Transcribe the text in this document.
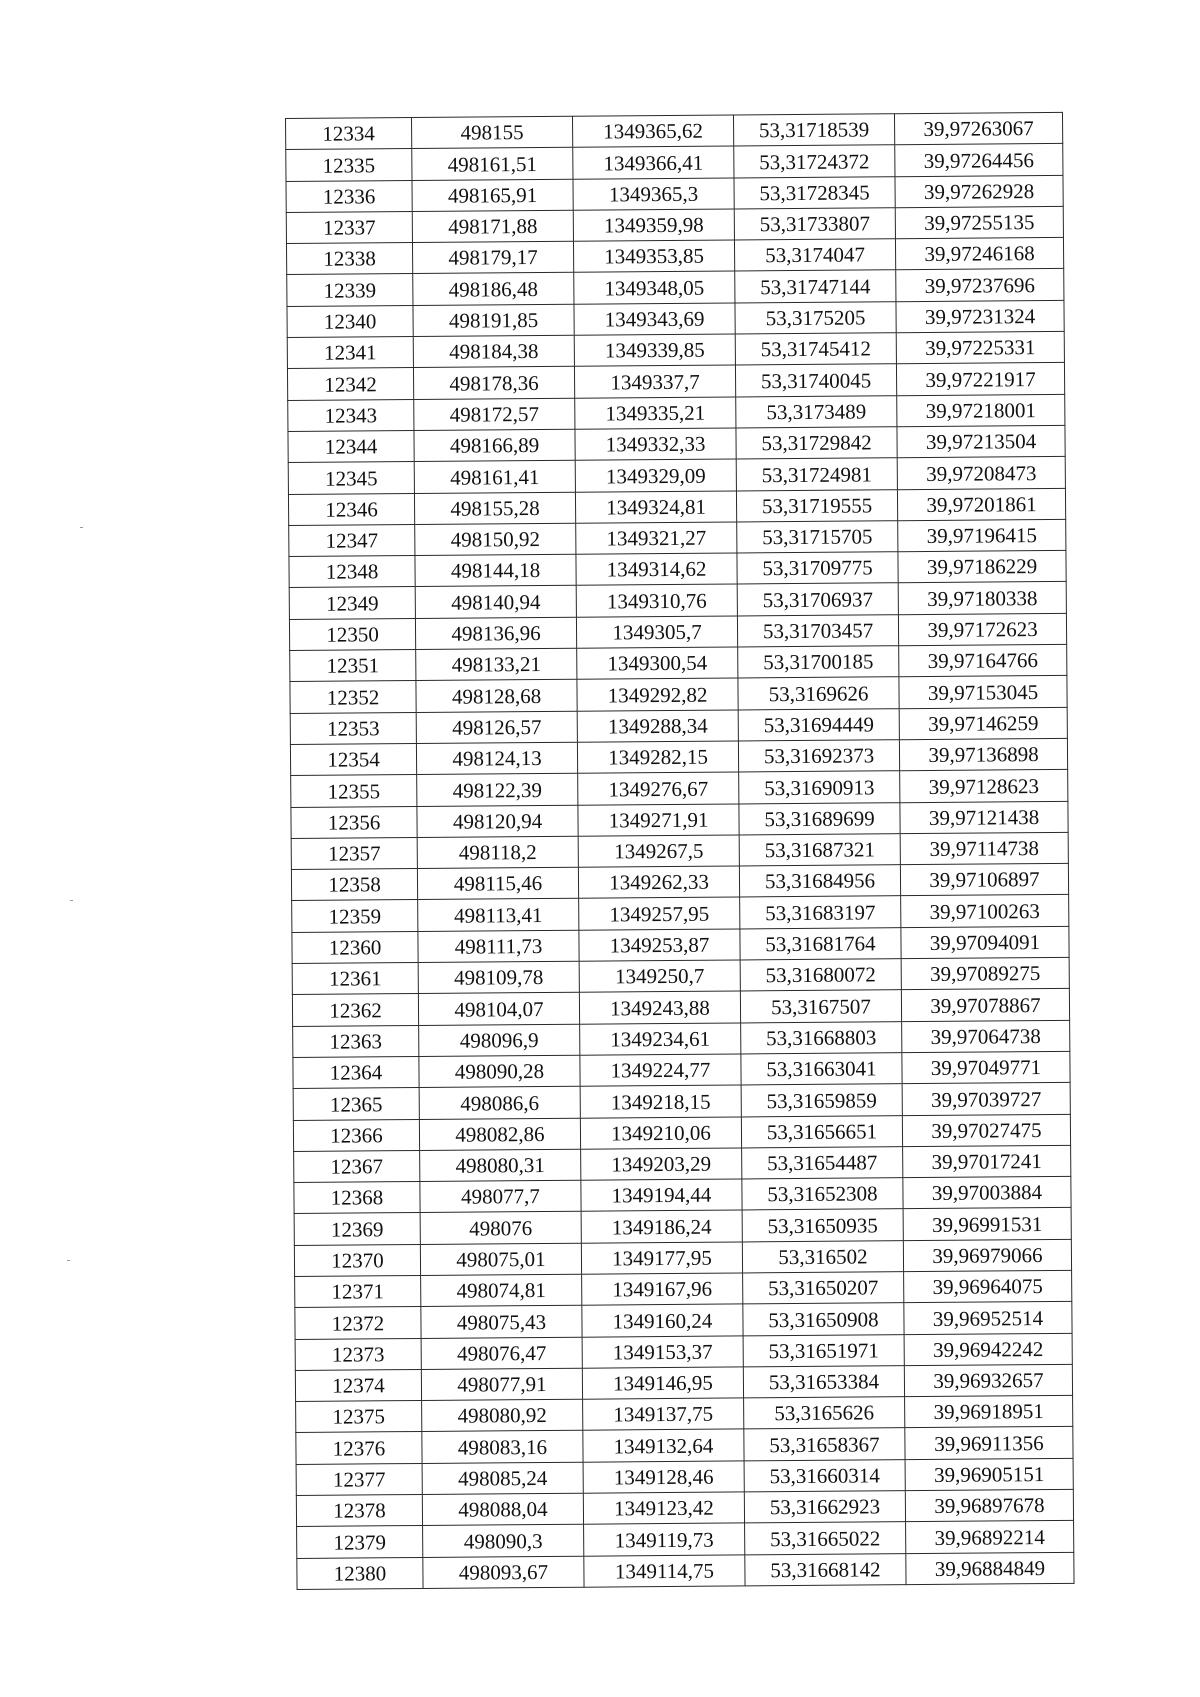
12334	498155	1349365,62	53,31718539	39,97263067
12335	498161,51	1349366,41	53,31724372	39,97264456
12336	498165,91	1349365,3	53,31728345	39,97262928
12337	498171,88	1349359,98	53,31733807	39,97255135
12338	498179,17	1349353,85	53,3174047	39,97246168
12339	498186,48	1349348,05	53,31747144	39,97237696
12340	498191,85	1349343,69	53,3175205	39,97231324
12341	498184,38	1349339,85	53,31745412	39,97225331
12342	498178,36	1349337,7	53,31740045	39,97221917
12343	498172,57	1349335,21	53,3173489	39,97218001
12344	498166,89	1349332,33	53,31729842	39,97213504
12345	498161,41	1349329,09	53,31724981	39,97208473
12346	498155,28	1349324,81	53,31719555	39,97201861
12347	498150,92	1349321,27	53,31715705	39,97196415
12348	498144,18	1349314,62	53,31709775	39,97186229
12349	498140,94	1349310,76	53,31706937	39,97180338
12350	498136,96	1349305,7	53,31703457	39,97172623
12351	498133,21	1349300,54	53,31700185	39,97164766
12352	498128,68	1349292,82	53,3169626	39,97153045
12353	498126,57	1349288,34	53,31694449	39,97146259
12354	498124,13	1349282,15	53,31692373	39,97136898
12355	498122,39	1349276,67	53,31690913	39,97128623
12356	498120,94	1349271,91	53,31689699	39,97121438
12357	498118,2	1349267,5	53,31687321	39,97114738
12358	498115,46	1349262,33	53,31684956	39,97106897
12359	498113,41	1349257,95	53,31683197	39,97100263
12360	498111,73	1349253,87	53,31681764	39,97094091
12361	498109,78	1349250,7	53,31680072	39,97089275
12362	498104,07	1349243,88	53,3167507	39,97078867
12363	498096,9	1349234,61	53,31668803	39,97064738
12364	498090,28	1349224,77	53,31663041	39,97049771
12365	498086,6	1349218,15	53,31659859	39,97039727
12366	498082,86	1349210,06	53,31656651	39,97027475
12367	498080,31	1349203,29	53,31654487	39,97017241
12368	498077,7	1349194,44	53,31652308	39,97003884
12369	498076	1349186,24	53,31650935	39,96991531
12370	498075,01	1349177,95	53,316502	39,96979066
12371	498074,81	1349167,96	53,31650207	39,96964075
12372	498075,43	1349160,24	53,31650908	39,96952514
12373	498076,47	1349153,37	53,31651971	39,96942242
12374	498077,91	1349146,95	53,31653384	39,96932657
12375	498080,92	1349137,75	53,3165626	39,96918951
12376	498083,16	1349132,64	53,31658367	39,96911356
12377	498085,24	1349128,46	53,31660314	39,96905151
12378	498088,04	1349123,42	53,31662923	39,96897678
12379	498090,3	1349119,73	53,31665022	39,96892214
12380	498093,67	1349114,75	53,31668142	39,96884849
